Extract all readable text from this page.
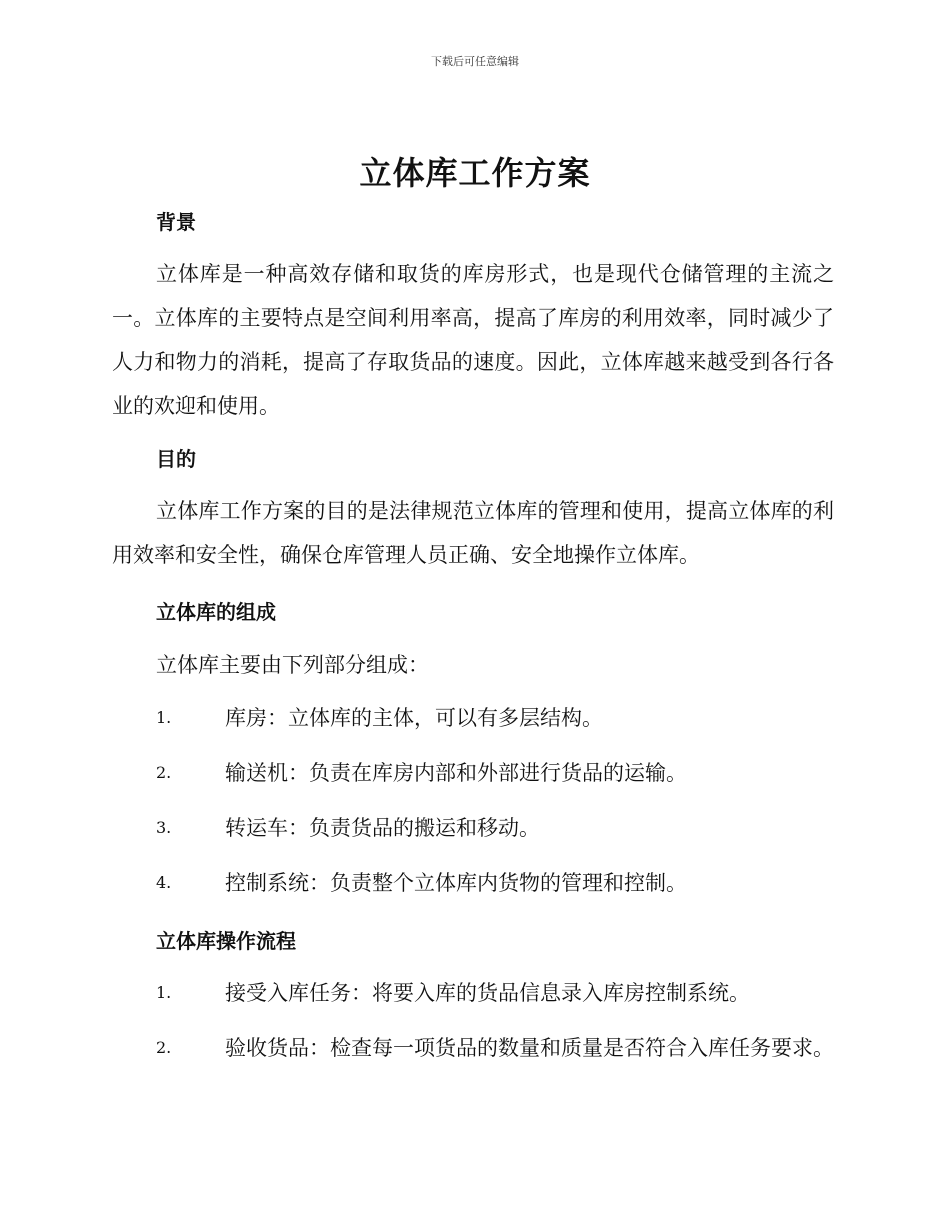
下载后可任意编辑
立体库工作方案
背景

立体库是一种高效存储和取货的库房形式，也是现代仓储管理的主流之一。立体库的主要特点是空间利用率高，提高了库房的利用效率，同时减少了人力和物力的消耗，提高了存取货品的速度。因此，立体库越来越受到各行各业的欢迎和使用。

目的

立体库工作方案的目的是法律规范立体库的管理和使用，提高立体库的利用效率和安全性，确保仓库管理人员正确、安全地操作立体库。

立体库的组成

立体库主要由下列部分组成：

1.	库房：立体库的主体，可以有多层结构。
2.	输送机：负责在库房内部和外部进行货品的运输。
3.	转运车：负责货品的搬运和移动。
4.	控制系统：负责整个立体库内货物的管理和控制。
立体库操作流程
1.	接受入库任务：将要入库的货品信息录入库房控制系统。
2.	验收货品：检查每一项货品的数量和质量是否符合入库任务要求。
